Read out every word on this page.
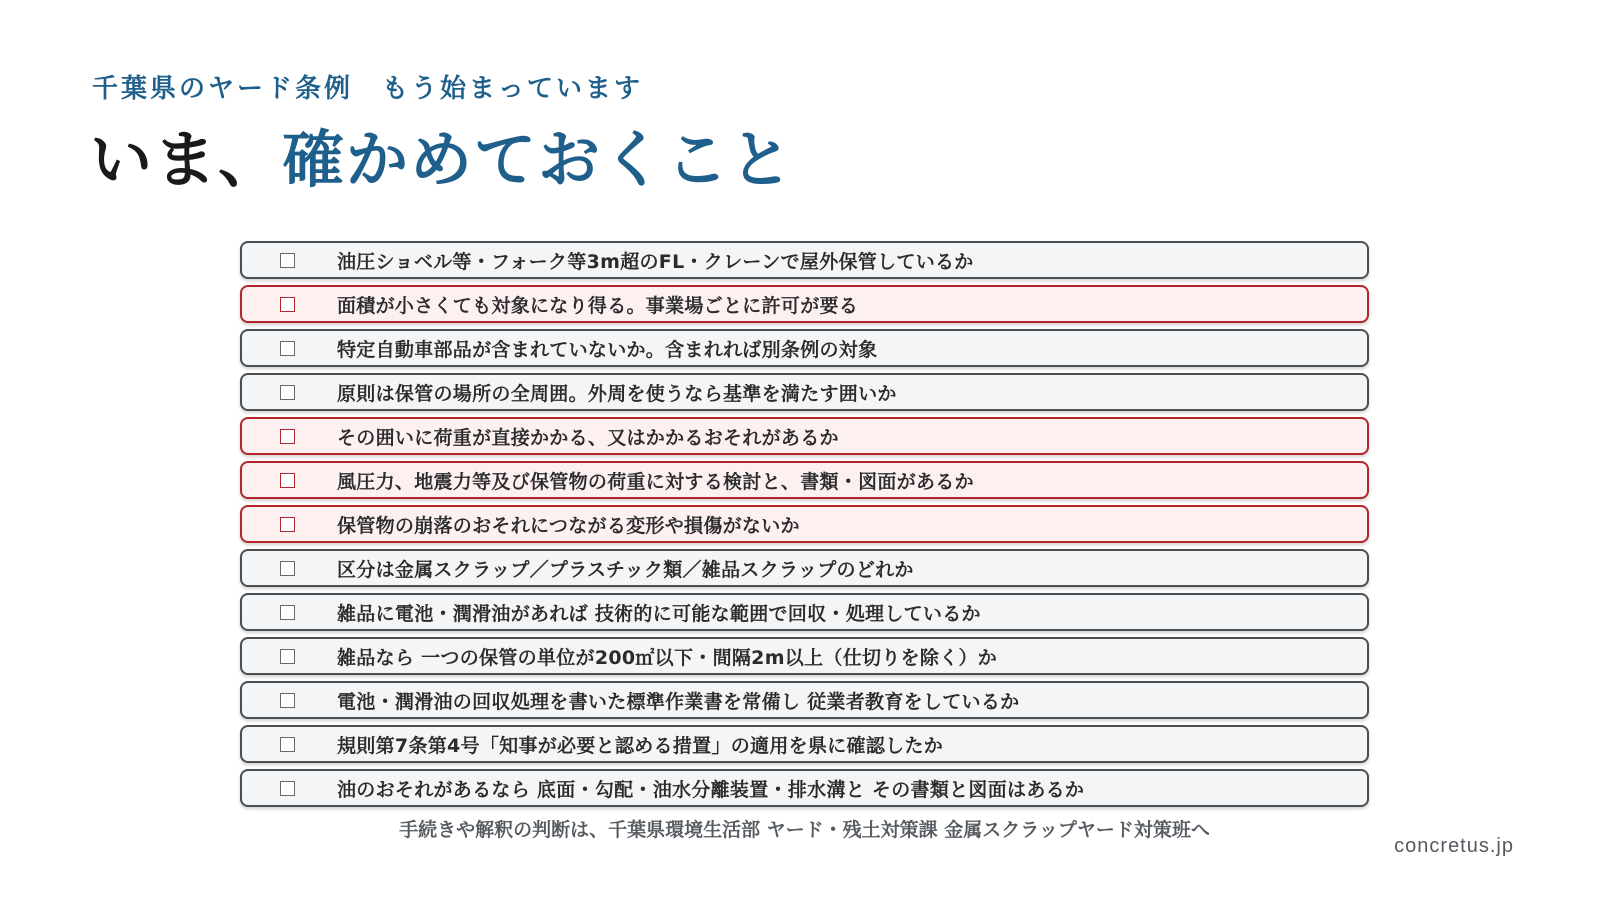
千葉県のヤード条例　もう始まっています

いま、確かめておくこと
油圧ショベル等・フォーク等3m超のFL・クレーンで屋外保管しているか
面積が小さくても対象になり得る。事業場ごとに許可が要る
特定自動車部品が含まれていないか。含まれれば別条例の対象
原則は保管の場所の全周囲。外周を使うなら基準を満たす囲いか
その囲いに荷重が直接かかる、又はかかるおそれがあるか
風圧力、地震力等及び保管物の荷重に対する検討と、書類・図面があるか
保管物の崩落のおそれにつながる変形や損傷がないか
区分は金属スクラップ／プラスチック類／雑品スクラップのどれか
雑品に電池・潤滑油があれば 技術的に可能な範囲で回収・処理しているか
雑品なら 一つの保管の単位が200㎡以下・間隔2m以上（仕切りを除く）か
電池・潤滑油の回収処理を書いた標準作業書を常備し 従業者教育をしているか
規則第7条第4号「知事が必要と認める措置」の適用を県に確認したか
油のおそれがあるなら 底面・勾配・油水分離装置・排水溝と その書類と図面はあるか

手続きや解釈の判断は、千葉県環境生活部 ヤード・残土対策課 金属スクラップヤード対策班へ

concretus.jp
